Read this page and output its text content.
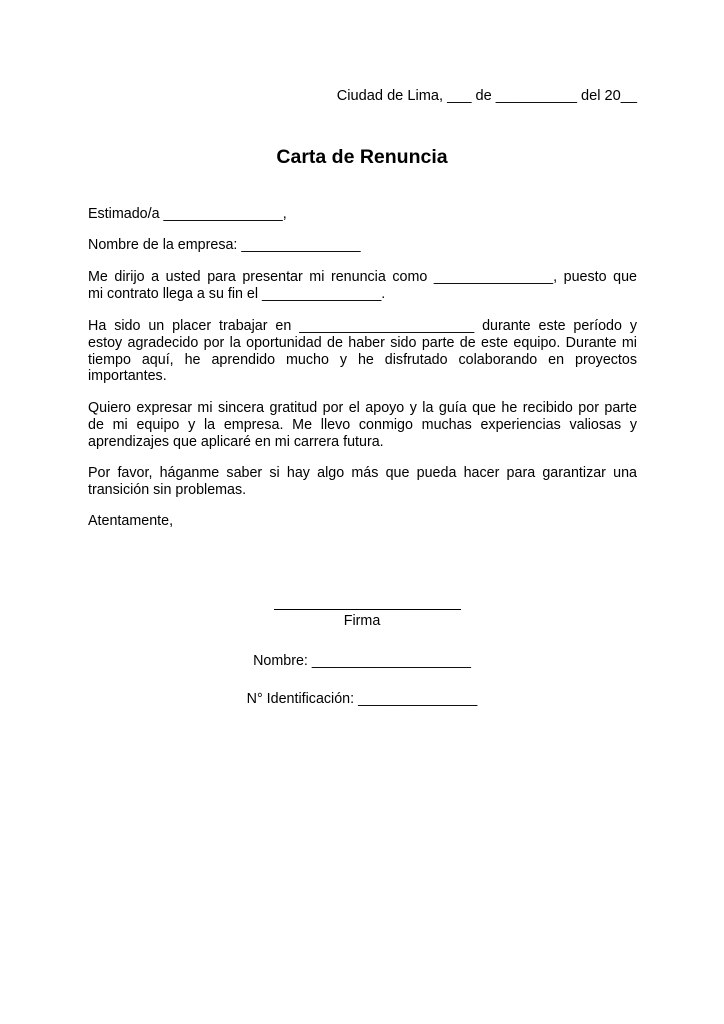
Ciudad de Lima, ___ de __________ del 20__
Carta de Renuncia
Estimado/a _______________,
Nombre de la empresa: _______________
Me dirijo a usted para presentar mi renuncia como _______________, puesto que
mi contrato llega a su fin el _______________.
Ha sido un placer trabajar en ______________________ durante este período y
estoy agradecido por la oportunidad de haber sido parte de este equipo. Durante mi
tiempo aquí, he aprendido mucho y he disfrutado colaborando en proyectos
importantes.
Quiero expresar mi sincera gratitud por el apoyo y la guía que he recibido por parte
de mi equipo y la empresa. Me llevo conmigo muchas experiencias valiosas y
aprendizajes que aplicaré en mi carrera futura.
Por favor, háganme saber si hay algo más que pueda hacer para garantizar una
transición sin problemas.
Atentamente,
Firma
Nombre: ____________________
N° Identificación: _______________
